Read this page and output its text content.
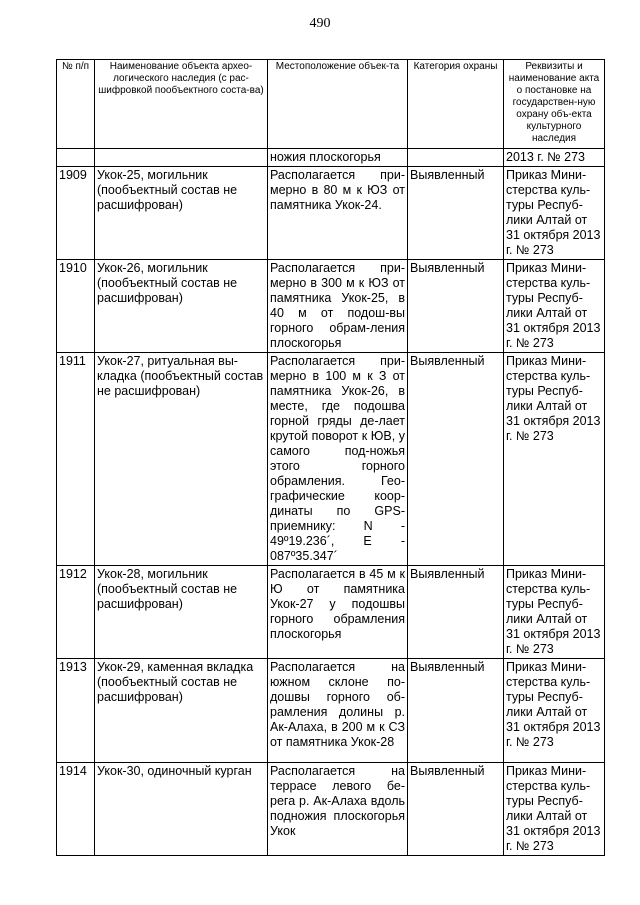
490
№ п/п	Наименование объекта архео-логического наследия (с рас-шифровкой пообъектного соста-ва)	Местоположение объек-та	Категория охраны	Реквизиты и наименование акта о постановке на государствен-ную охрану объ-екта культурного наследия
		ножия плоскогорья		2013 г. № 273
1909	Укок-25, могильник (пообъектный состав не расшифрован)	Располагается при-мерно в 80 м к ЮЗ от памятника Укок-24.	Выявленный	Приказ Мини-стерства куль-туры Респуб-лики Алтай от 31 октября 2013 г. № 273
1910	Укок-26, могильник (пообъектный состав не расшифрован)	Располагается при-мерно в 300 м к ЮЗ от памятника Укок-25, в 40 м от подош-вы горного обрам-ления плоскогорья	Выявленный	Приказ Мини-стерства куль-туры Респуб-лики Алтай от 31 октября 2013 г. № 273
1911	Укок-27, ритуальная вы-кладка (пообъектный состав не расшифрован)	Располагается при-мерно в 100 м к З от памятника Укок-26, в месте, где подошва горной гряды де-лает крутой поворот к ЮВ, у самого под-ножья этого горного обрамления. Гео-графические коор-динаты по GPS-приемнику: N - 49º19.236´, E - 087º35.347´	Выявленный	Приказ Мини-стерства куль-туры Респуб-лики Алтай от 31 октября 2013 г. № 273
1912	Укок-28, могильник (пообъектный состав не расшифрован)	Располагается в 45 м к Ю от памятника Укок-27 у подошвы горного обрамления плоскогорья	Выявленный	Приказ Мини-стерства куль-туры Респуб-лики Алтай от 31 октября 2013 г. № 273
1913	Укок-29, каменная вкладка (пообъектный состав не расшифрован)	Располагается на южном склоне по-дошвы горного об-рамления долины р. Ак-Алаха, в 200 м к СЗ от памятника Укок-28	Выявленный	Приказ Мини-стерства куль-туры Респуб-лики Алтай от 31 октября 2013 г. № 273
1914	Укок-30, одиночный курган	Располагается на террасе левого бе-рега р. Ак-Алаха вдоль подножия плоскогорья Укок	Выявленный	Приказ Мини-стерства куль-туры Респуб-лики Алтай от 31 октября 2013 г. № 273
